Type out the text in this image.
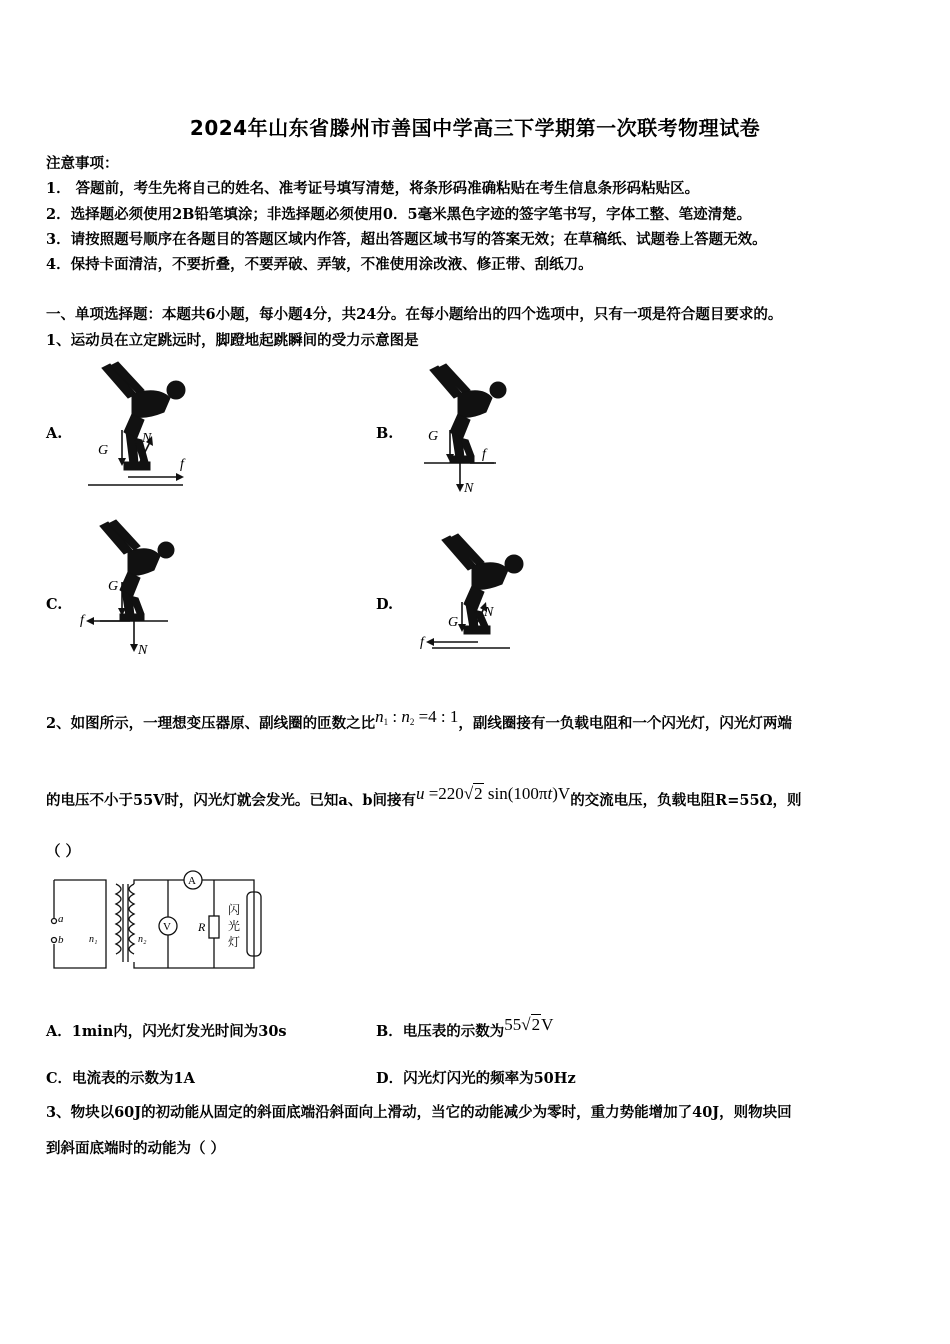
2024年山东省滕州市善国中学高三下学期第一次联考物理试卷
注意事项：
1． 答题前，考生先将自己的姓名、准考证号填写清楚，将条形码准确粘贴在考生信息条形码粘贴区。
2．选择题必须使用2B铅笔填涂；非选择题必须使用0．5毫米黑色字迹的签字笔书写，字体工整、笔迹清楚。
3．请按照题号顺序在各题目的答题区域内作答，超出答题区域书写的答案无效；在草稿纸、试题卷上答题无效。
4．保持卡面清洁，不要折叠，不要弄破、弄皱，不准使用涂改液、修正带、刮纸刀。
一、单项选择题：本题共6小题，每小题4分，共24分。在每小题给出的四个选项中，只有一项是符合题目要求的。
1、运动员在立定跳远时，脚蹬地起跳瞬间的受力示意图是
A.	B.
C.	D.
G
N
f
G
N
f
G
N
f	G
N
f
2、如图所示，一理想变压器原、副线圈的匝数之比$n_1$ : $n_2 =4$ : 1，副线圈接有一负载电阻和一个闪光灯，闪光灯两端
的电压不小于55V时，闪光灯就会发光。已知a、b间接有u =220√2 sin(100πt)V的交流电压，负载电阻R=55Ω，则
（ ）
a
b	n₁	n₂
A
V R
闪
光
灯
A．1min内，闪光灯发光时间为30s	B．电压表的示数为55√2V
C．电流表的示数为1A	D．闪光灯闪光的频率为50Hz
3、物块以60J的初动能从固定的斜面底端沿斜面向上滑动，当它的动能减少为零时，重力势能增加了40J，则物块回
到斜面底端时的动能为（ ）
